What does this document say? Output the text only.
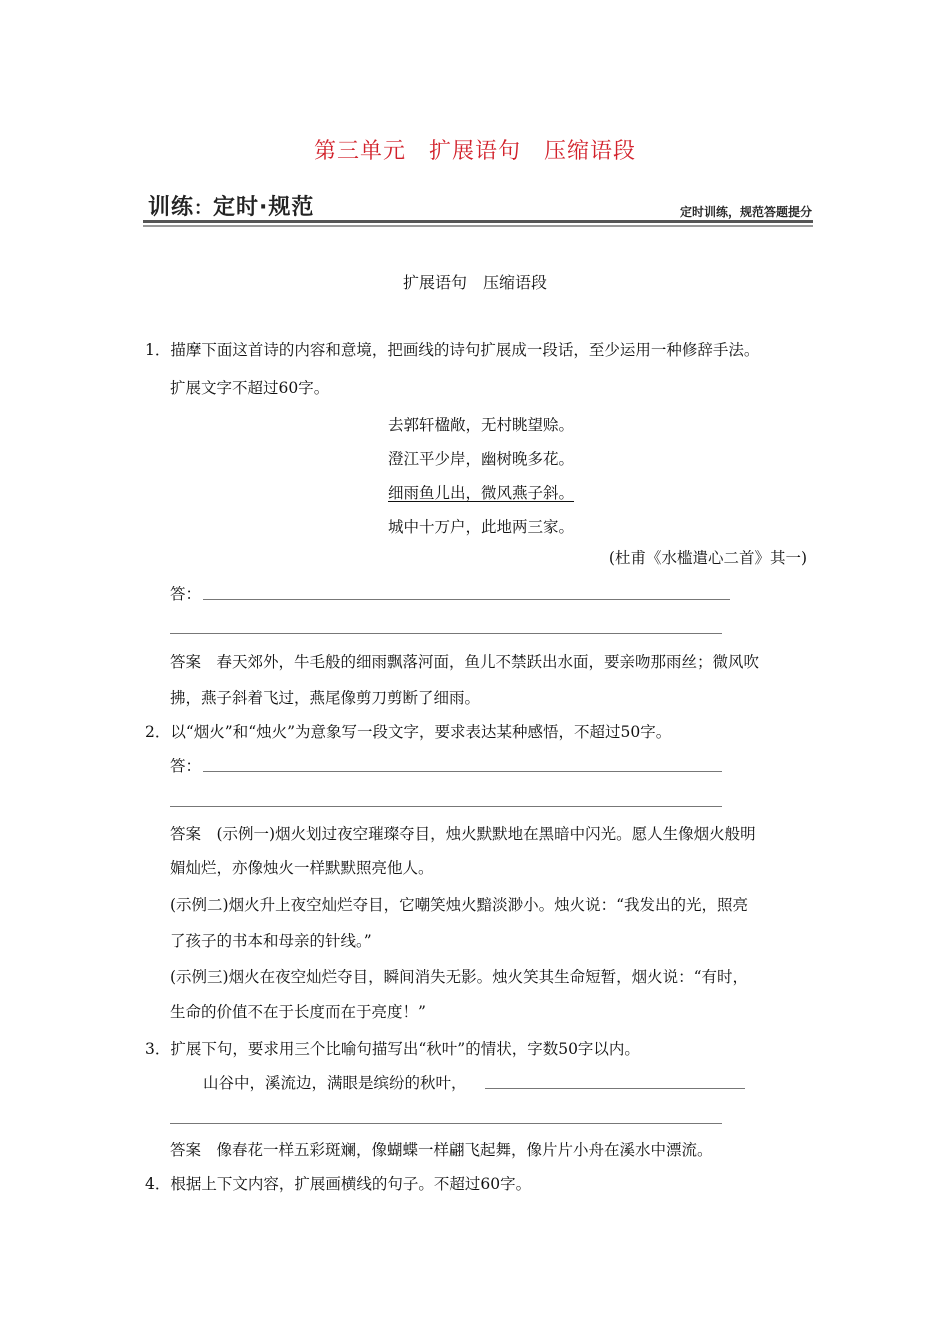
第三单元　扩展语句　压缩语段
训练：定时·规范	定时训练，规范答题提分
扩展语句　压缩语段
1．描摩下面这首诗的内容和意境，把画线的诗句扩展成一段话，至少运用一种修辞手法。
扩展文字不超过60字。
去郭轩楹敞，无村眺望赊。
澄江平少岸，幽树晚多花。
细雨鱼儿出，微风燕子斜。
城中十万户，此地两三家。
(杜甫《水槛遣心二首》其一)
答：
答案　春天郊外，牛毛般的细雨飘落河面，鱼儿不禁跃出水面，要亲吻那雨丝；微风吹
拂，燕子斜着飞过，燕尾像剪刀剪断了细雨。
2．以“烟火”和“烛火”为意象写一段文字，要求表达某种感悟，不超过50字。
答：
答案　(示例一)烟火划过夜空璀璨夺目，烛火默默地在黑暗中闪光。愿人生像烟火般明
媚灿烂，亦像烛火一样默默照亮他人。
(示例二)烟火升上夜空灿烂夺目，它嘲笑烛火黯淡渺小。烛火说：“我发出的光，照亮
了孩子的书本和母亲的针线。”
(示例三)烟火在夜空灿烂夺目，瞬间消失无影。烛火笑其生命短暂，烟火说：“有时，
生命的价值不在于长度而在于亮度！”
3．扩展下句，要求用三个比喻句描写出“秋叶”的情状，字数50字以内。
山谷中，溪流边，满眼是缤纷的秋叶，
答案　像春花一样五彩斑斓，像蝴蝶一样翩飞起舞，像片片小舟在溪水中漂流。
4．根据上下文内容，扩展画横线的句子。不超过60字。
